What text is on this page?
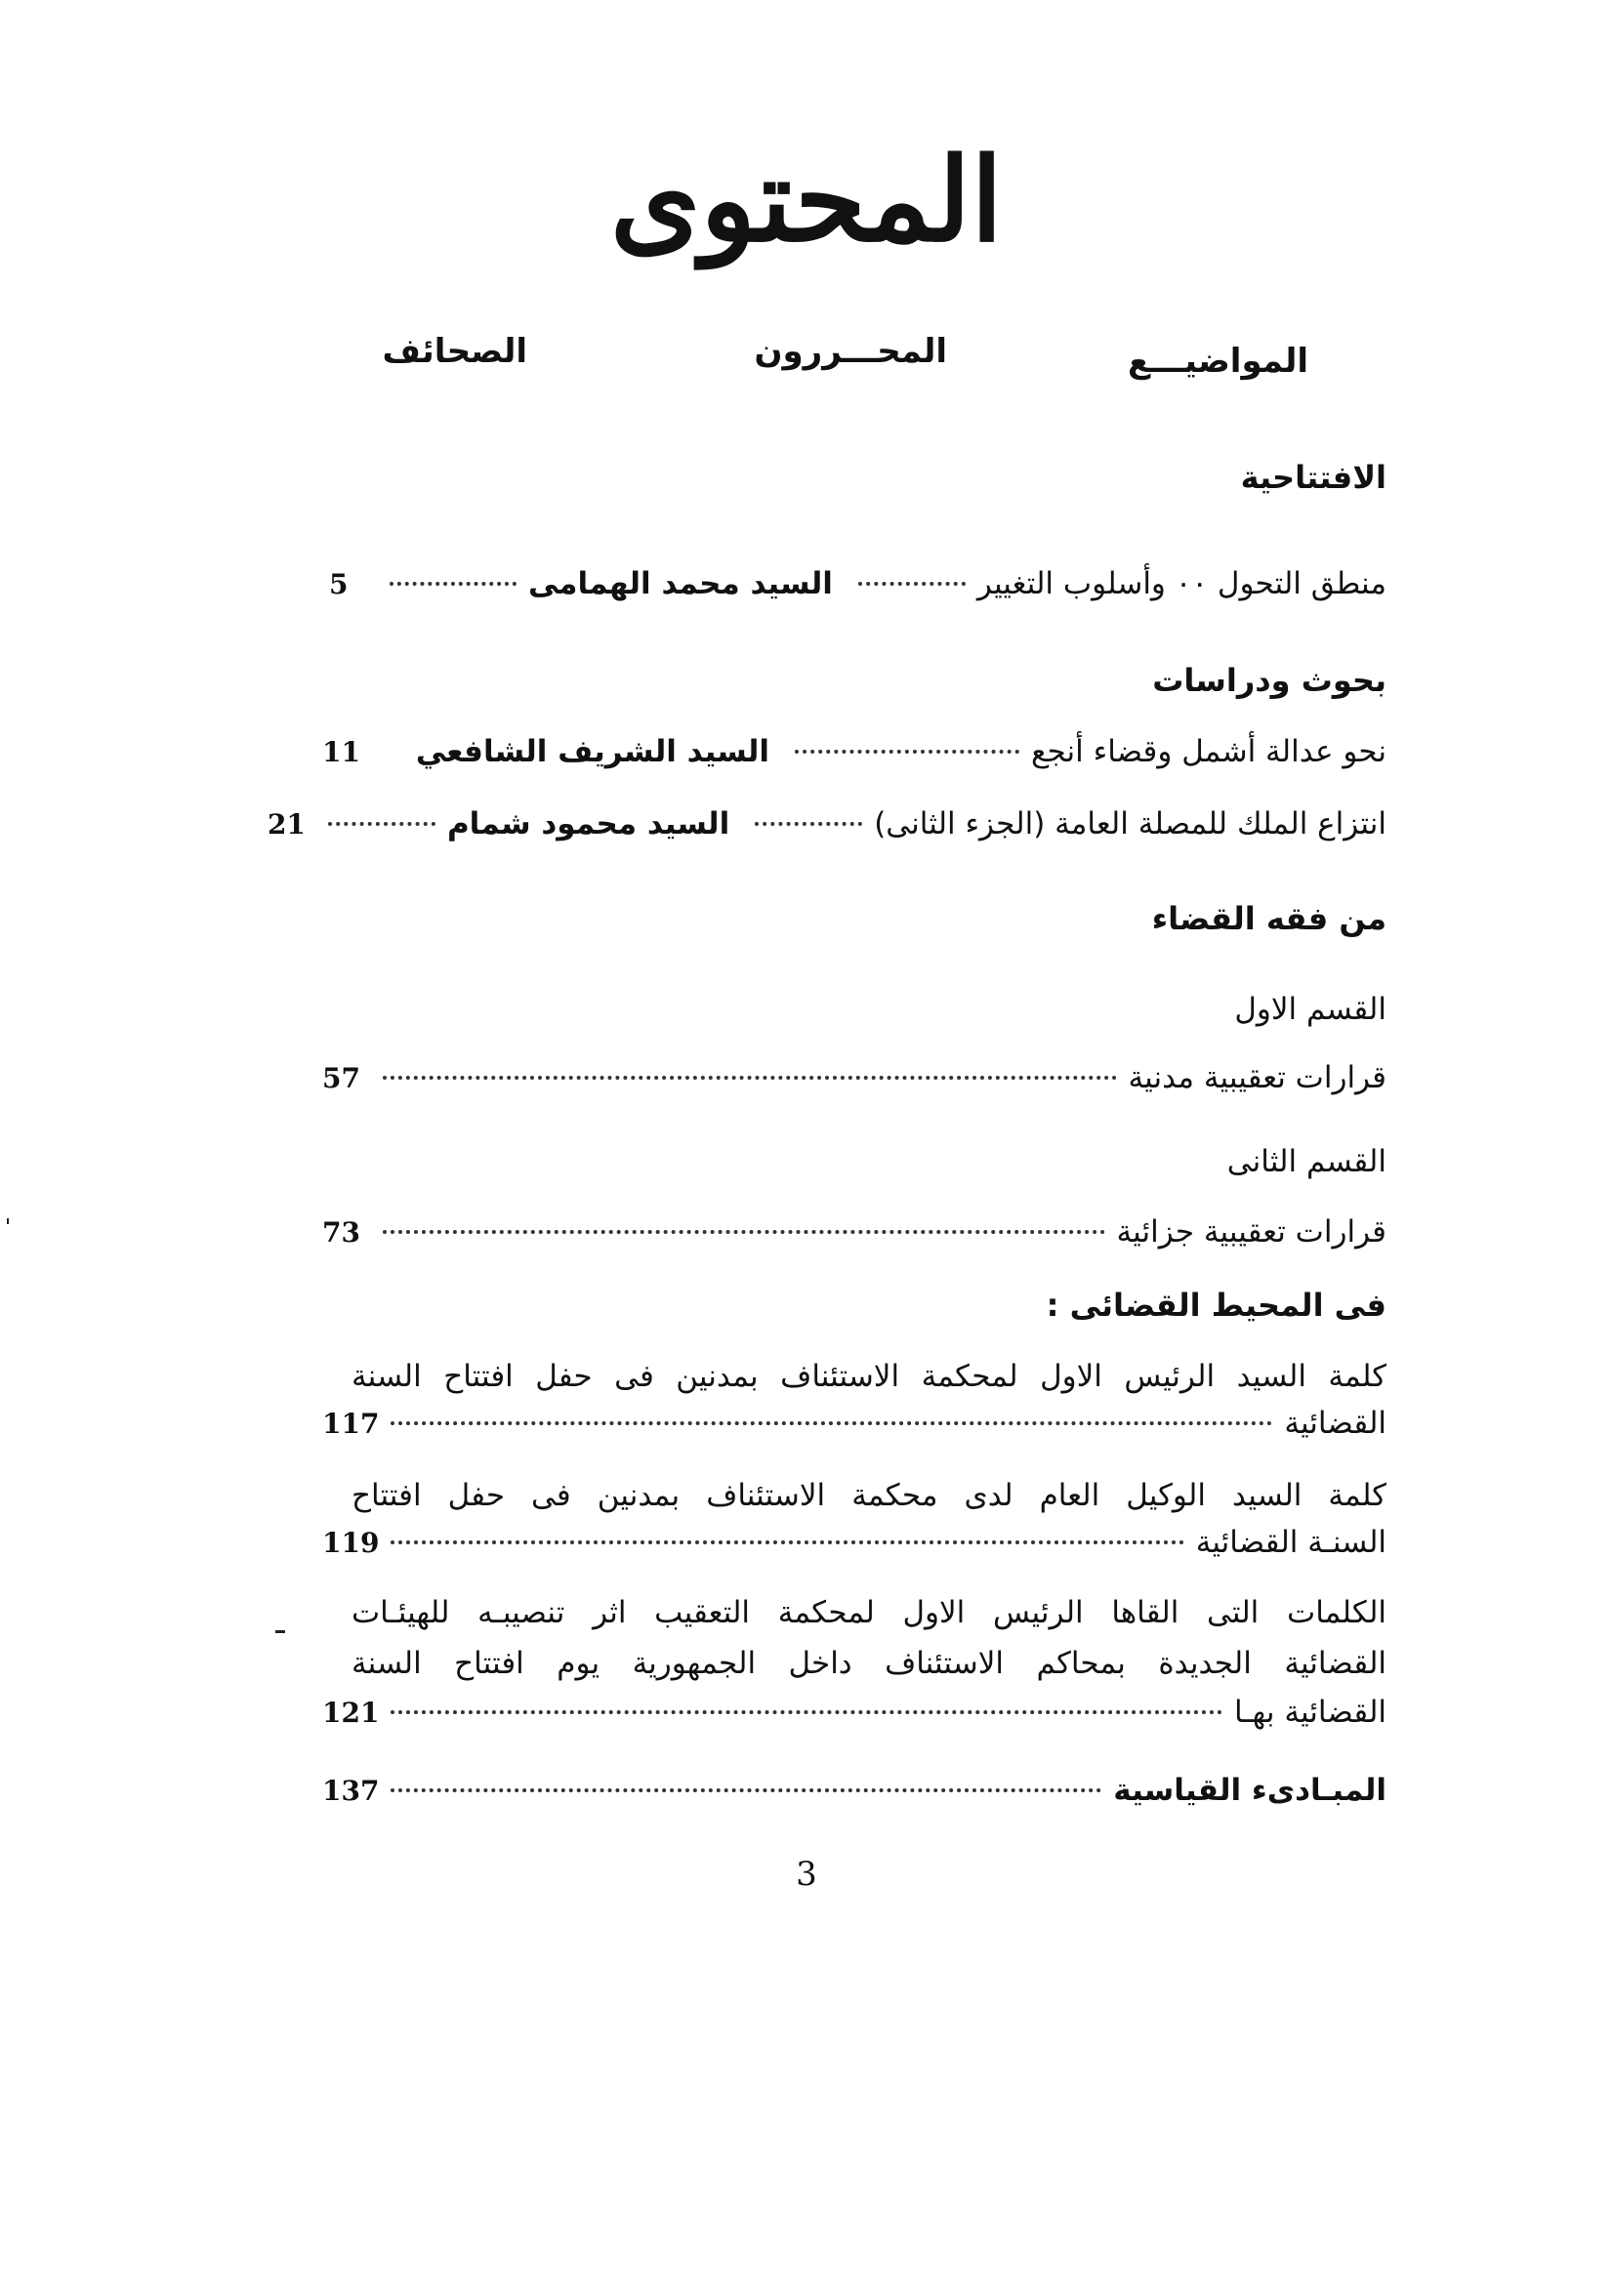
المحتوى
المواضيـــع
المحـــررون
الصحائف
الافتتاحية
منطق التحول ٠٠ وأسلوب التغيير
السيد محمد الهمامى
5
بحوث ودراسات
نحو عدالة أشمل وقضاء أنجع
السيد الشريف الشافعي
11
انتزاع الملك للمصلة العامة (الجزء الثانى)
السيد محمود شمام
21
من فقه القضاء
القسم الاول
قرارات تعقيبية مدنية
57
القسم الثانى
قرارات تعقيبية جزائية
73
فى المحيط القضائى :
كلمة السيد الرئيس الاول لمحكمة الاستئناف بمدنين فى حفل افتتاح السنة
القضائية
117
كلمة السيد الوكيل العام لدى محكمة الاستئناف بمدنين فى حفل افتتاح
السنـة القضائية
119
الكلمات التى القاها الرئيس الاول لمحكمة التعقيب اثر تنصيبـه للهيئـات
القضائية الجديدة بمحاكم الاستئناف داخل الجمهورية يوم افتتاح السنة
القضائية بهـا
121
المبـادىء القياسية
137
3
